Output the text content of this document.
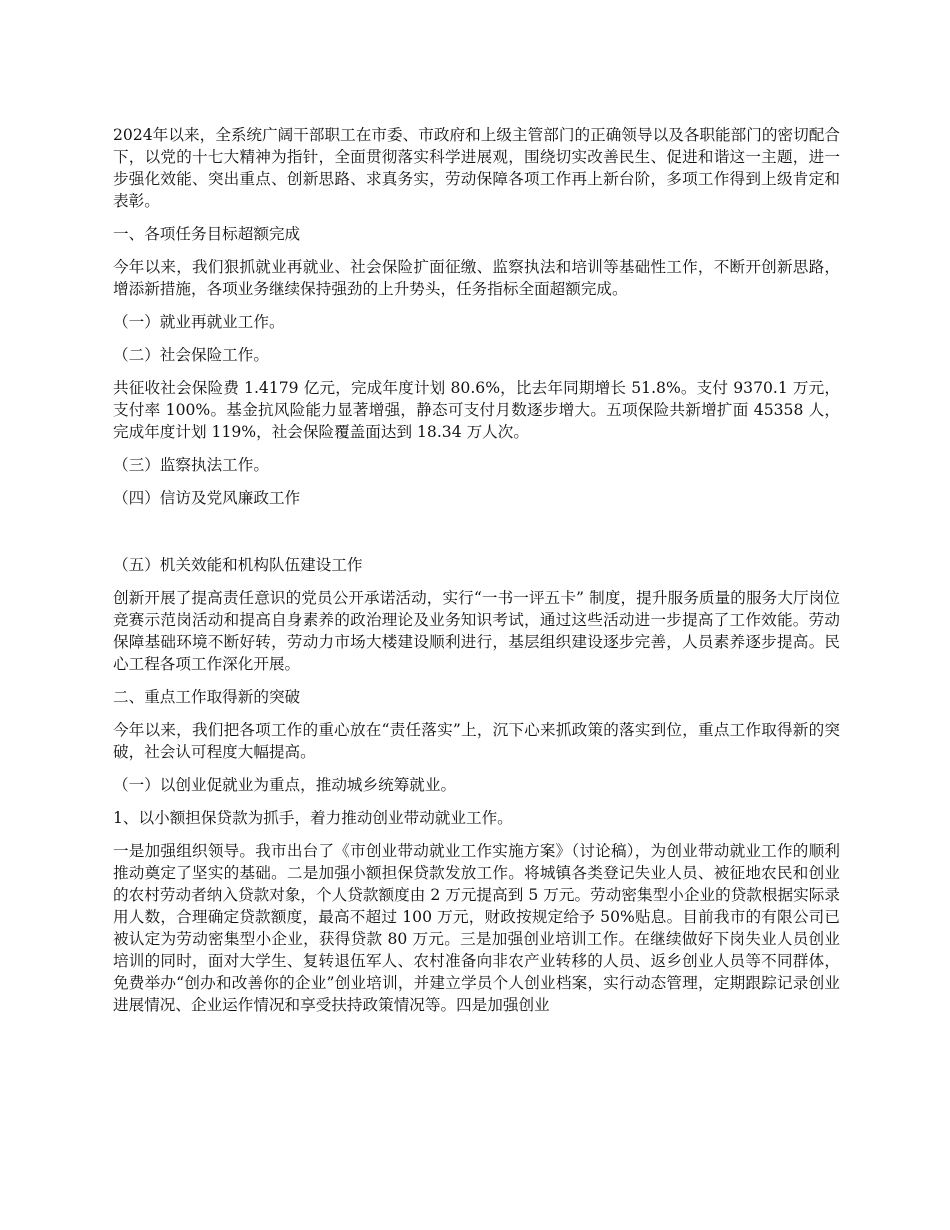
2024年以来，全系统广阔干部职工在市委、市政府和上级主管部门的正确领导以及各职能部门的密切配合下，以党的十七大精神为指针，全面贯彻落实科学进展观，围绕切实改善民生、促进和谐这一主题，进一步强化效能、突出重点、创新思路、求真务实，劳动保障各项工作再上新台阶，多项工作得到上级肯定和表彰。

一、各项任务目标超额完成

今年以来，我们狠抓就业再就业、社会保险扩面征缴、监察执法和培训等基础性工作，不断开创新思路，增添新措施，各项业务继续保持强劲的上升势头，任务指标全面超额完成。

（一）就业再就业工作。

（二）社会保险工作。

共征收社会保险费 1.4179 亿元，完成年度计划 80.6%，比去年同期增长 51.8%。支付 9370.1 万元，支付率 100%。基金抗风险能力显著增强，静态可支付月数逐步增大。五项保险共新增扩面 45358 人，完成年度计划 119%，社会保险覆盖面达到 18.34 万人次。

（三）监察执法工作。

（四）信访及党风廉政工作

（五）机关效能和机构队伍建设工作

创新开展了提高责任意识的党员公开承诺活动，实行“一书一评五卡” 制度，提升服务质量的服务大厅岗位竞赛示范岗活动和提高自身素养的政治理论及业务知识考试，通过这些活动进一步提高了工作效能。劳动保障基础环境不断好转，劳动力市场大楼建设顺利进行，基层组织建设逐步完善，人员素养逐步提高。民心工程各项工作深化开展。

二、重点工作取得新的突破

今年以来，我们把各项工作的重心放在“责任落实”上，沉下心来抓政策的落实到位，重点工作取得新的突破，社会认可程度大幅提高。

（一）以创业促就业为重点，推动城乡统筹就业。

1、以小额担保贷款为抓手，着力推动创业带动就业工作。

一是加强组织领导。我市出台了《市创业带动就业工作实施方案》（讨论稿），为创业带动就业工作的顺利推动奠定了坚实的基础。二是加强小额担保贷款发放工作。将城镇各类登记失业人员、被征地农民和创业的农村劳动者纳入贷款对象，个人贷款额度由 2 万元提高到 5 万元。劳动密集型小企业的贷款根据实际录用人数，合理确定贷款额度，最高不超过 100 万元，财政按规定给予 50%贴息。目前我市的有限公司已被认定为劳动密集型小企业，获得贷款 80 万元。三是加强创业培训工作。在继续做好下岗失业人员创业培训的同时，面对大学生、复转退伍军人、农村准备向非农产业转移的人员、返乡创业人员等不同群体，免费举办“创办和改善你的企业”创业培训，并建立学员个人创业档案，实行动态管理，定期跟踪记录创业进展情况、企业运作情况和享受扶持政策情况等。四是加强创业
